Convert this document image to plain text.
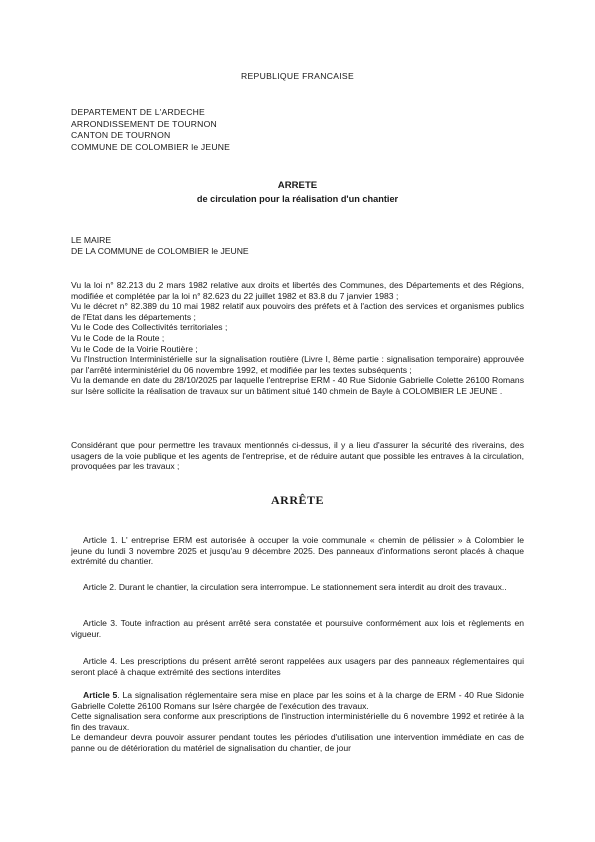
REPUBLIQUE FRANCAISE
DEPARTEMENT DE L'ARDECHE
ARRONDISSEMENT DE TOURNON
CANTON DE TOURNON
COMMUNE DE COLOMBIER le JEUNE
ARRETE
de circulation pour la réalisation d'un chantier
LE MAIRE
DE LA COMMUNE de COLOMBIER le JEUNE

Vu la loi n° 82.213 du 2 mars 1982 relative aux droits et libertés des Communes, des Départements et des Régions, modifiée et complétée par la loi n° 82.623 du 22 juillet 1982 et 83.8 du 7 janvier 1983 ;

Vu le décret n° 82.389 du 10 mai 1982 relatif aux pouvoirs des préfets et à l'action des services et organismes publics de l'Etat dans les départements ;

Vu le Code des Collectivités territoriales ;

Vu le Code de la Route ;

Vu le Code de la Voirie Routière ;

Vu l'Instruction Interministérielle sur la signalisation routière (Livre I, 8ème partie : signalisation temporaire) approuvée par l'arrêté interministériel du 06 novembre 1992, et modifiée par les textes subséquents ;

Vu la demande en date du 28/10/2025 par laquelle l'entreprise ERM - 40 Rue Sidonie Gabrielle Colette 26100 Romans sur Isère sollicite la réalisation de travaux sur un bâtiment situé 140 chmein de Bayle à COLOMBIER LE JEUNE .

Considérant que pour permettre les travaux mentionnés ci-dessus, il y a lieu d'assurer la sécurité des riverains, des usagers de la voie publique et les agents de l'entreprise, et de réduire autant que possible les entraves à la circulation, provoquées par les travaux ;

ARRÊTE

Article 1. L' entreprise ERM est autorisée à occuper la voie communale « chemin de pélissier » à Colombier le jeune du lundi 3 novembre 2025 et jusqu'au 9 décembre 2025. Des panneaux d'informations seront placés à chaque extrémité du chantier.

Article 2. Durant le chantier, la circulation sera interrompue. Le stationnement sera interdit au droit des travaux..

Article 3. Toute infraction au présent arrêté sera constatée et poursuive conformément aux lois et règlements en vigueur.

Article 4. Les prescriptions du présent arrêté seront rappelées aux usagers par des panneaux réglementaires qui seront placé à chaque extrémité des sections interdites

Article 5. La signalisation réglementaire sera mise en place par les soins et à la charge de ERM - 40 Rue Sidonie Gabrielle Colette 26100 Romans sur Isère chargée de l'exécution des travaux.

Cette signalisation sera conforme aux prescriptions de l'instruction interministérielle du 6 novembre 1992 et retirée à la fin des travaux.

Le demandeur devra pouvoir assurer pendant toutes les périodes d'utilisation une intervention immédiate en cas de panne ou de détérioration du matériel de signalisation du chantier, de jour
